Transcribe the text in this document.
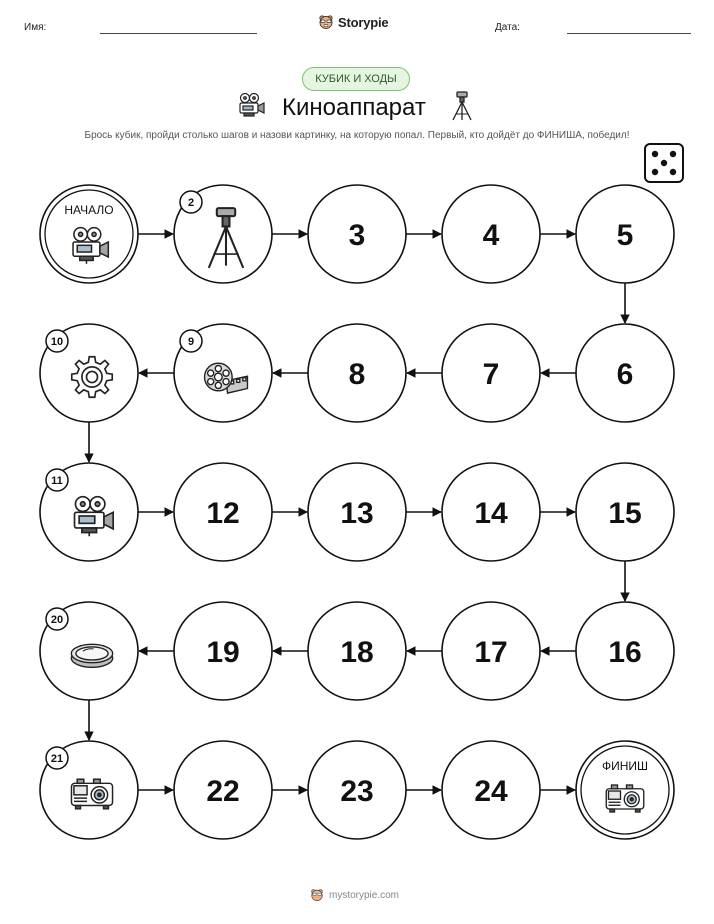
Имя:	Storypie	Дата:
КУБИК И ХОДЫ
Киноаппарат
Брось кубик, пройди столько шагов и назови картинку, на которую попал. Первый, кто дойдёт до ФИНИША, победил!
НАЧАЛО	2
3	4	5
6
7
8
9
10
11
12	13	14	15
16
17
18
19
20
21
22	23	24
ФИНИШ
mystorypie.com
